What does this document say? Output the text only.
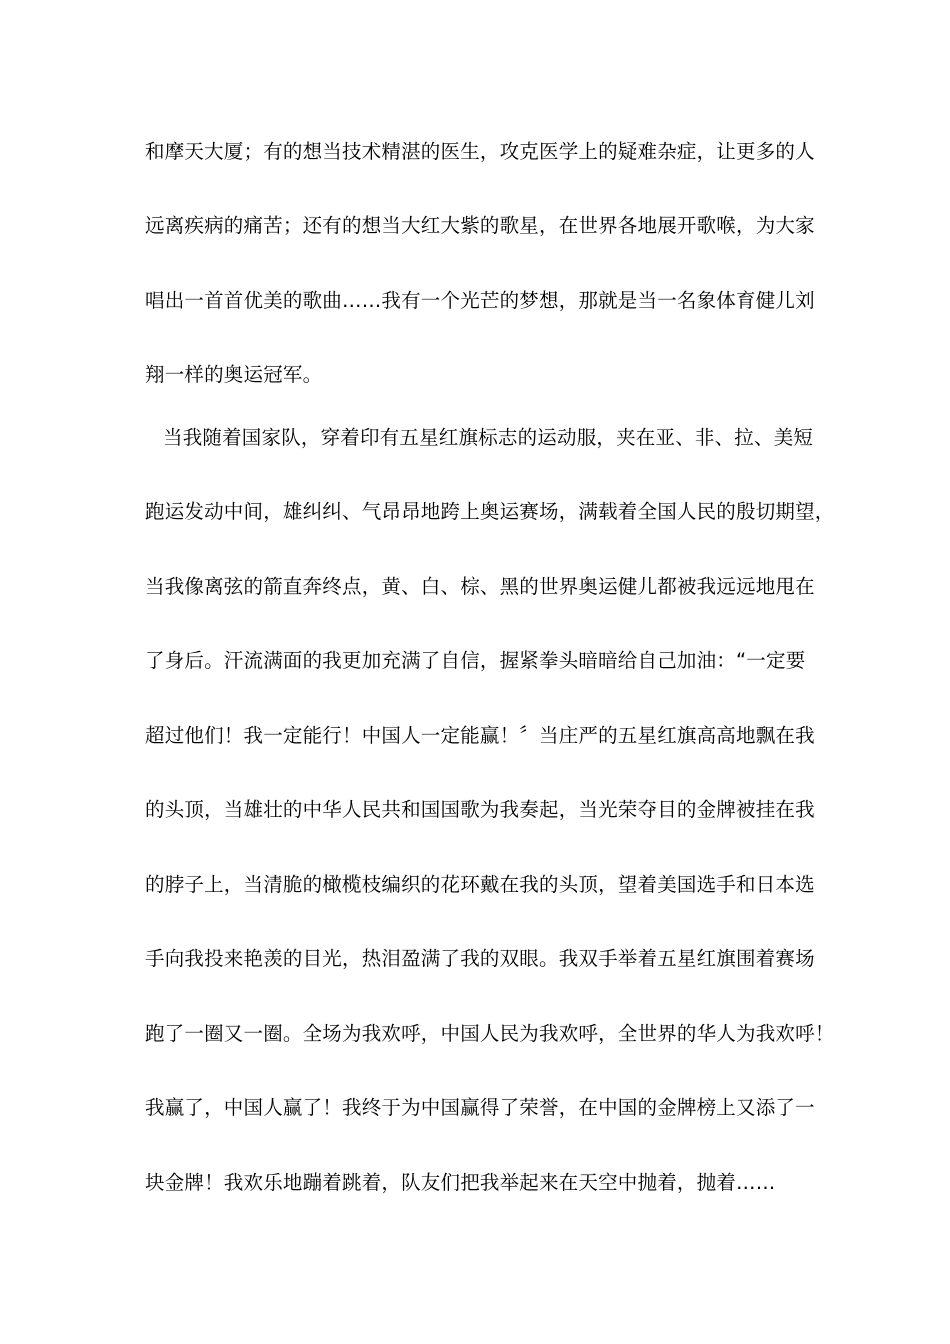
和摩天大厦；有的想当技术精湛的医生，攻克医学上的疑难杂症，让更多的人
远离疾病的痛苦；还有的想当大红大紫的歌星，在世界各地展开歌喉，为大家
唱出一首首优美的歌曲……我有一个光芒的梦想，那就是当一名象体育健儿刘
翔一样的奥运冠军。
当我随着国家队，穿着印有五星红旗标志的运动服，夹在亚、非、拉、美短
跑运发动中间，雄纠纠、气昂昂地跨上奥运赛场，满载着全国人民的殷切期望，
当我像离弦的箭直奔终点，黄、白、棕、黑的世界奥运健儿都被我远远地甩在
了身后。汗流满面的我更加充满了自信，握紧拳头暗暗给自己加油：“一定要
超过他们！我一定能行！中国人一定能赢！〞当庄严的五星红旗高高地飘在我
的头顶，当雄壮的中华人民共和国国歌为我奏起，当光荣夺目的金牌被挂在我
的脖子上，当清脆的橄榄枝编织的花环戴在我的头顶，望着美国选手和日本选
手向我投来艳羡的目光，热泪盈满了我的双眼。我双手举着五星红旗围着赛场
跑了一圈又一圈。全场为我欢呼，中国人民为我欢呼，全世界的华人为我欢呼！
我赢了，中国人赢了！我终于为中国赢得了荣誉，在中国的金牌榜上又添了一
块金牌！我欢乐地蹦着跳着，队友们把我举起来在天空中抛着，抛着……
